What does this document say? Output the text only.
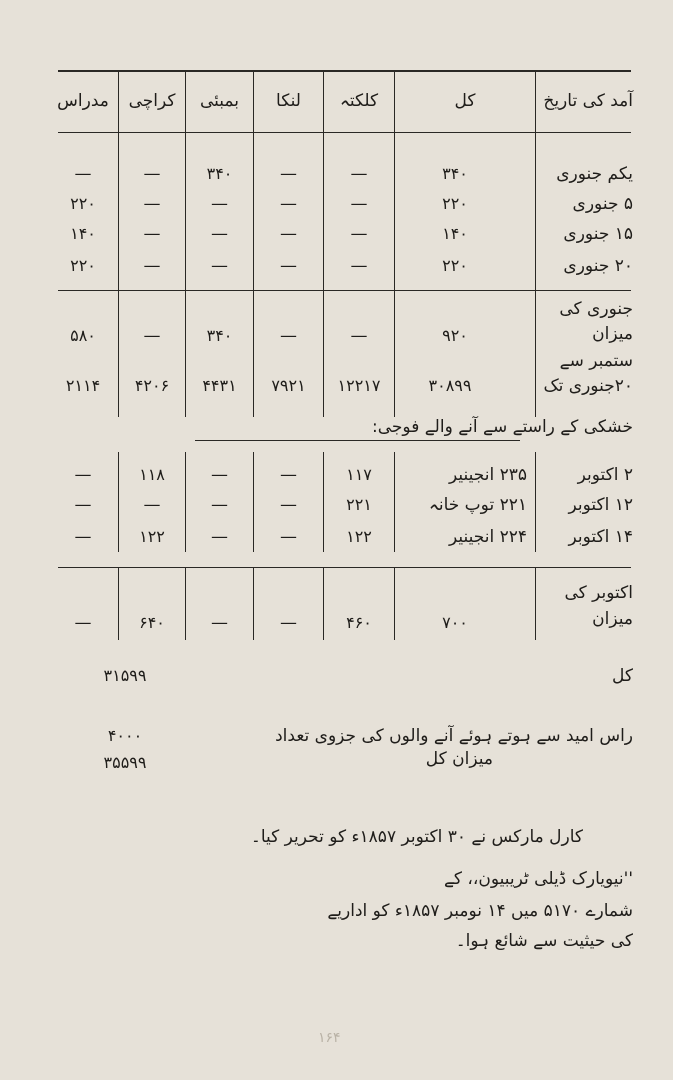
آمد کی تاریخ
کل
کلکتہ
لنکا
بمبئی
کراچی
مدراس
یکم جنوری
۳۴۰
—
—
۳۴۰
—
—
۵ جنوری
۲۲۰
—
—
—
—
۲۲۰
۱۵ جنوری
۱۴۰
—
—
—
—
۱۴۰
۲۰ جنوری
۲۲۰
—
—
—
—
۲۲۰
جنوری کی
میزان
۹۲۰
—
—
۳۴۰
—
۵۸۰
ستمبر سے
۲۰جنوری تک
۳۰۸۹۹
۱۲۲۱۷
۷۹۲۱
۴۴۳۱
۴۲۰۶
۲۱۱۴
خشکی کے راستے سے آنے والے فوجی:
۲ اکتوبر
۲۳۵ انجینیر
۱۱۷
—
—
۱۱۸
—
۱۲ اکتوبر
۲۲۱ توپ خانہ
۲۲۱
—
—
—
—
۱۴ اکتوبر
۲۲۴ انجینیر
۱۲۲
—
—
۱۲۲
—
اکتوبر کی
میزان
۷۰۰
۴۶۰
—
—
۶۴۰
—
کل
۳۱۵۹۹
راس امید سے ہوتے ہوئے آنے والوں کی جزوی تعداد
۴۰۰۰
میزان کل
۳۵۵۹۹
کارل مارکس نے ۳۰ اکتوبر ۱۸۵۷ء کو تحریر کیا۔
''نیویارک ڈیلی ٹریبیون،، کے
شمارے ۵۱۷۰ میں ۱۴ نومبر ۱۸۵۷ء کو اداریے
کی حیثیت سے شائع ہوا۔
۱۶۴
